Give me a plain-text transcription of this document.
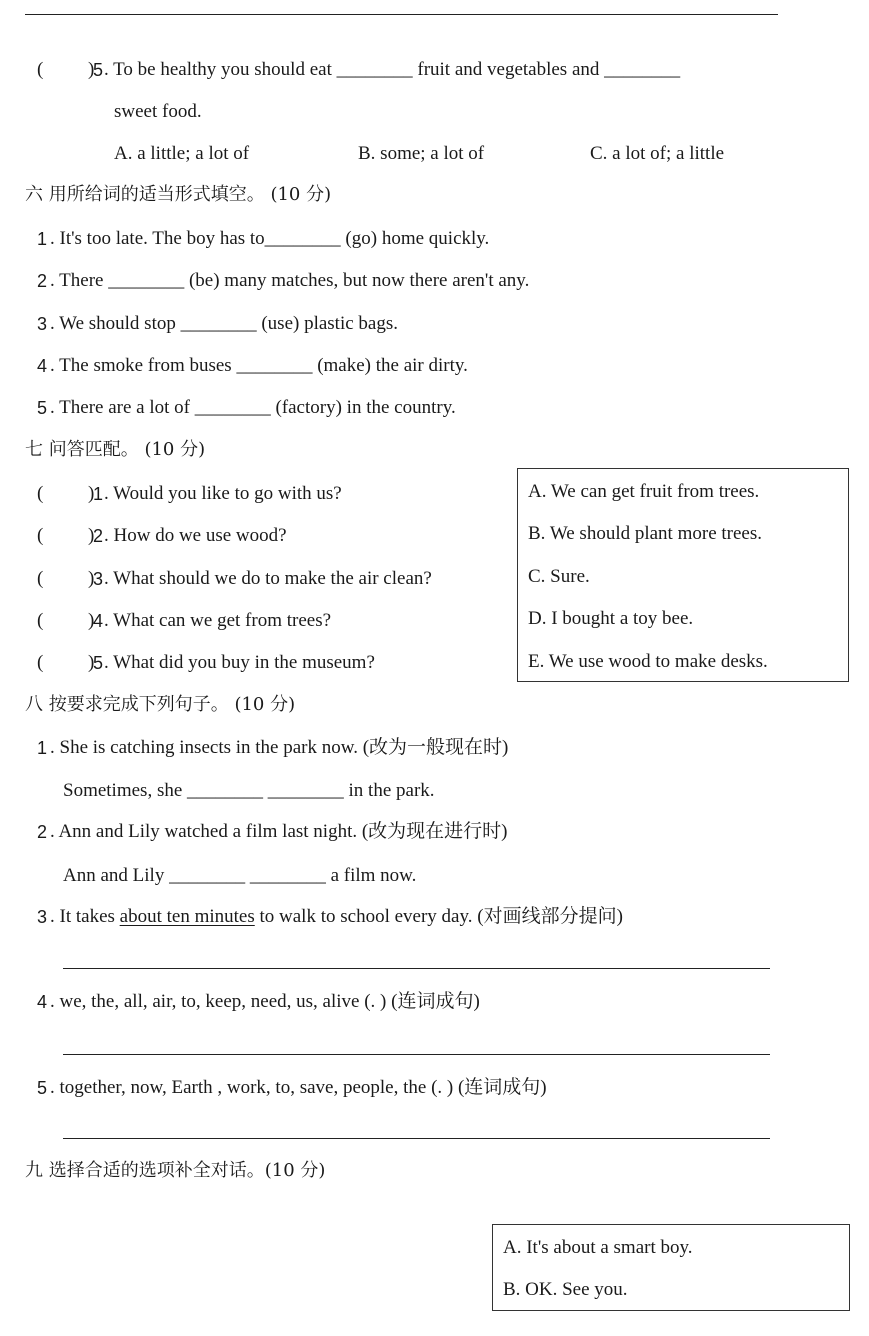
( )
5 . To be healthy you should eat ________ fruit and vegetables and ________
sweet food.
A. a little; a lot of	B. some; a lot of	C. a lot of; a little
六 用所给词的适当形式填空。 (10 分)
1 . It's too late. The boy has to________ (go) home quickly.
2 . There ________ (be) many matches, but now there aren't any.
3 . We should stop ________ (use) plastic bags.
4 . The smoke from buses ________ (make) the air dirty.
5 . There are a lot of ________ (factory) in the country.
七 问答匹配。 (10 分)
( )
1 . Would you like to go with us?
( )
2 . How do we use wood?
( )
3 . What should we do to make the air clean?
( )
4 . What can we get from trees?
( )
5 . What did you buy in the museum?
A. We can get fruit from trees.
B. We should plant more trees.
C. Sure.
D. I bought a toy bee.
E. We use wood to make desks.
八 按要求完成下列句子。 (10 分)
1 . She is catching insects in the park now. (改为一般现在时)
Sometimes, she ________ ________ in the park.
2 . Ann and Lily watched a film last night. (改为现在进行时)
Ann and Lily ________ ________ a film now.
3 . It takes about ten minutes to walk to school every day. (对画线部分提问)
4 . we, the, all, air, to, keep, need, us, alive (. ) (连词成句)
5 . together, now, Earth , work, to, save, people, the (. ) (连词成句)
九 选择合适的选项补全对话。(10 分)
A. It's about a smart boy.
B. OK. See you.
